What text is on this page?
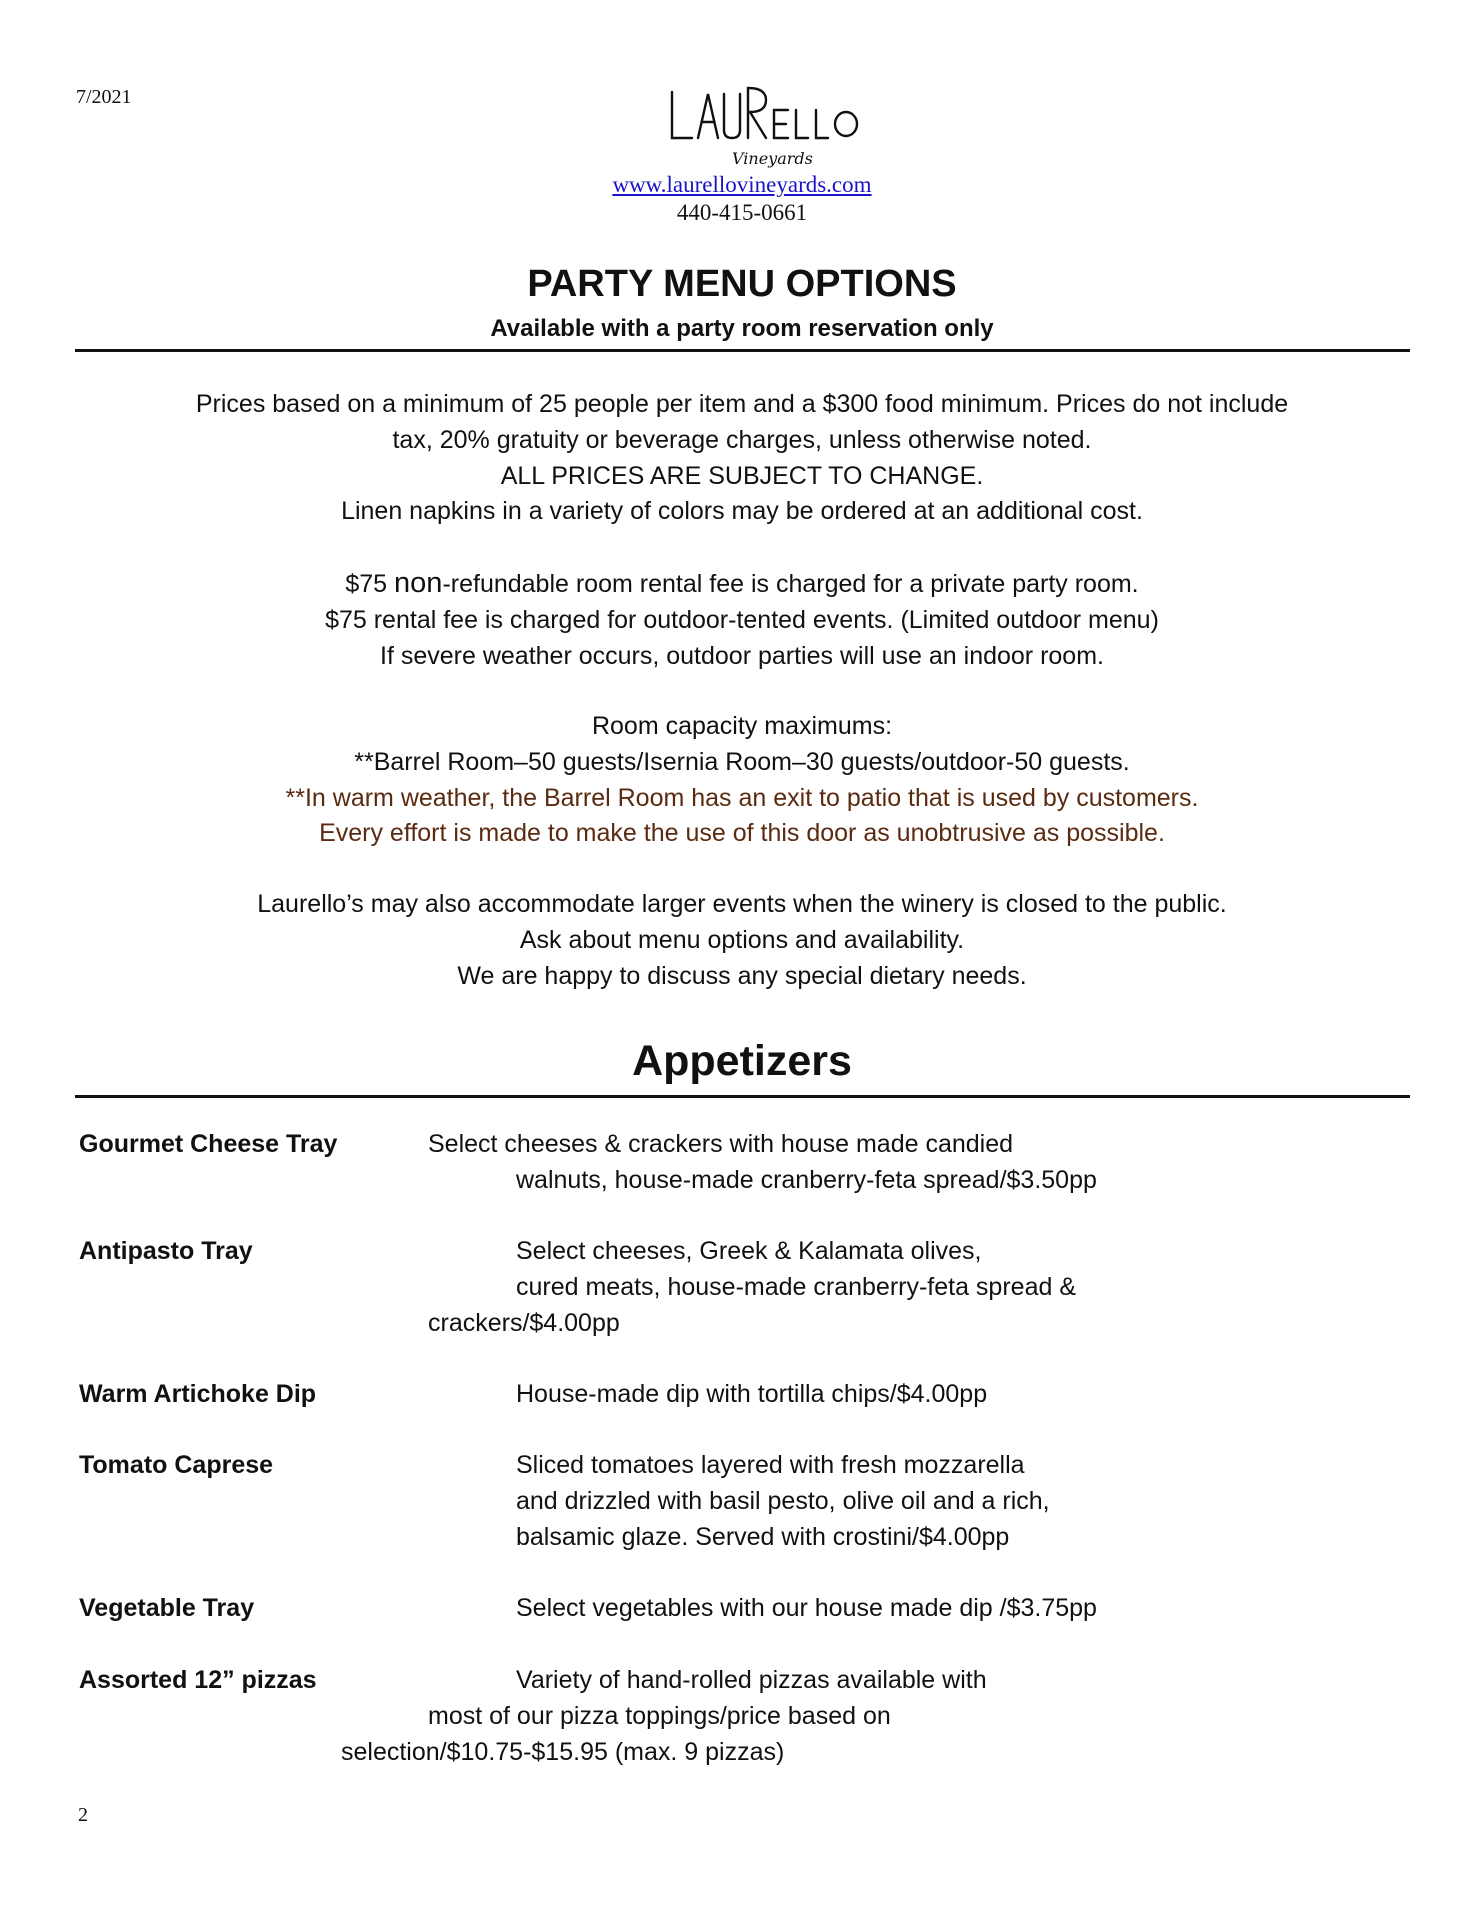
7/2021
Vineyards
www.laurellovineyards.com
440-415-0661
PARTY MENU OPTIONS
Available with a party room reservation only

Prices based on a minimum of 25 people per item and a $300 food minimum. Prices do not include

tax, 20% gratuity or beverage charges, unless otherwise noted.

ALL PRICES ARE SUBJECT TO CHANGE.

Linen napkins in a variety of colors may be ordered at an additional cost.

$75 non-refundable room rental fee is charged for a private party room.

$75 rental fee is charged for outdoor-tented events. (Limited outdoor menu)

If severe weather occurs, outdoor parties will use an indoor room.

Room capacity maximums:

**Barrel Room–50 guests/Isernia Room–30 guests/outdoor-50 guests.

**In warm weather, the Barrel Room has an exit to patio that is used by customers.

Every effort is made to make the use of this door as unobtrusive as possible.

Laurello’s may also accommodate larger events when the winery is closed to the public.

Ask about menu options and availability.

We are happy to discuss any special dietary needs.

Appetizers
Gourmet Cheese Tray	Select cheeses & crackers with house made candied
walnuts, house-made cranberry-feta spread/$3.50pp
Antipasto Tray	Select cheeses, Greek & Kalamata olives,
cured meats, house-made cranberry-feta spread &
crackers/$4.00pp
Warm Artichoke Dip	House-made dip with tortilla chips/$4.00pp
Tomato Caprese	Sliced tomatoes layered with fresh mozzarella
and drizzled with basil pesto, olive oil and a rich,
balsamic glaze. Served with crostini/$4.00pp
Vegetable Tray	Select vegetables with our house made dip /$3.75pp
Assorted 12” pizzas	Variety of hand-rolled pizzas available with
most of our pizza toppings/price based on
selection/$10.75-$15.95 (max. 9 pizzas)
2
